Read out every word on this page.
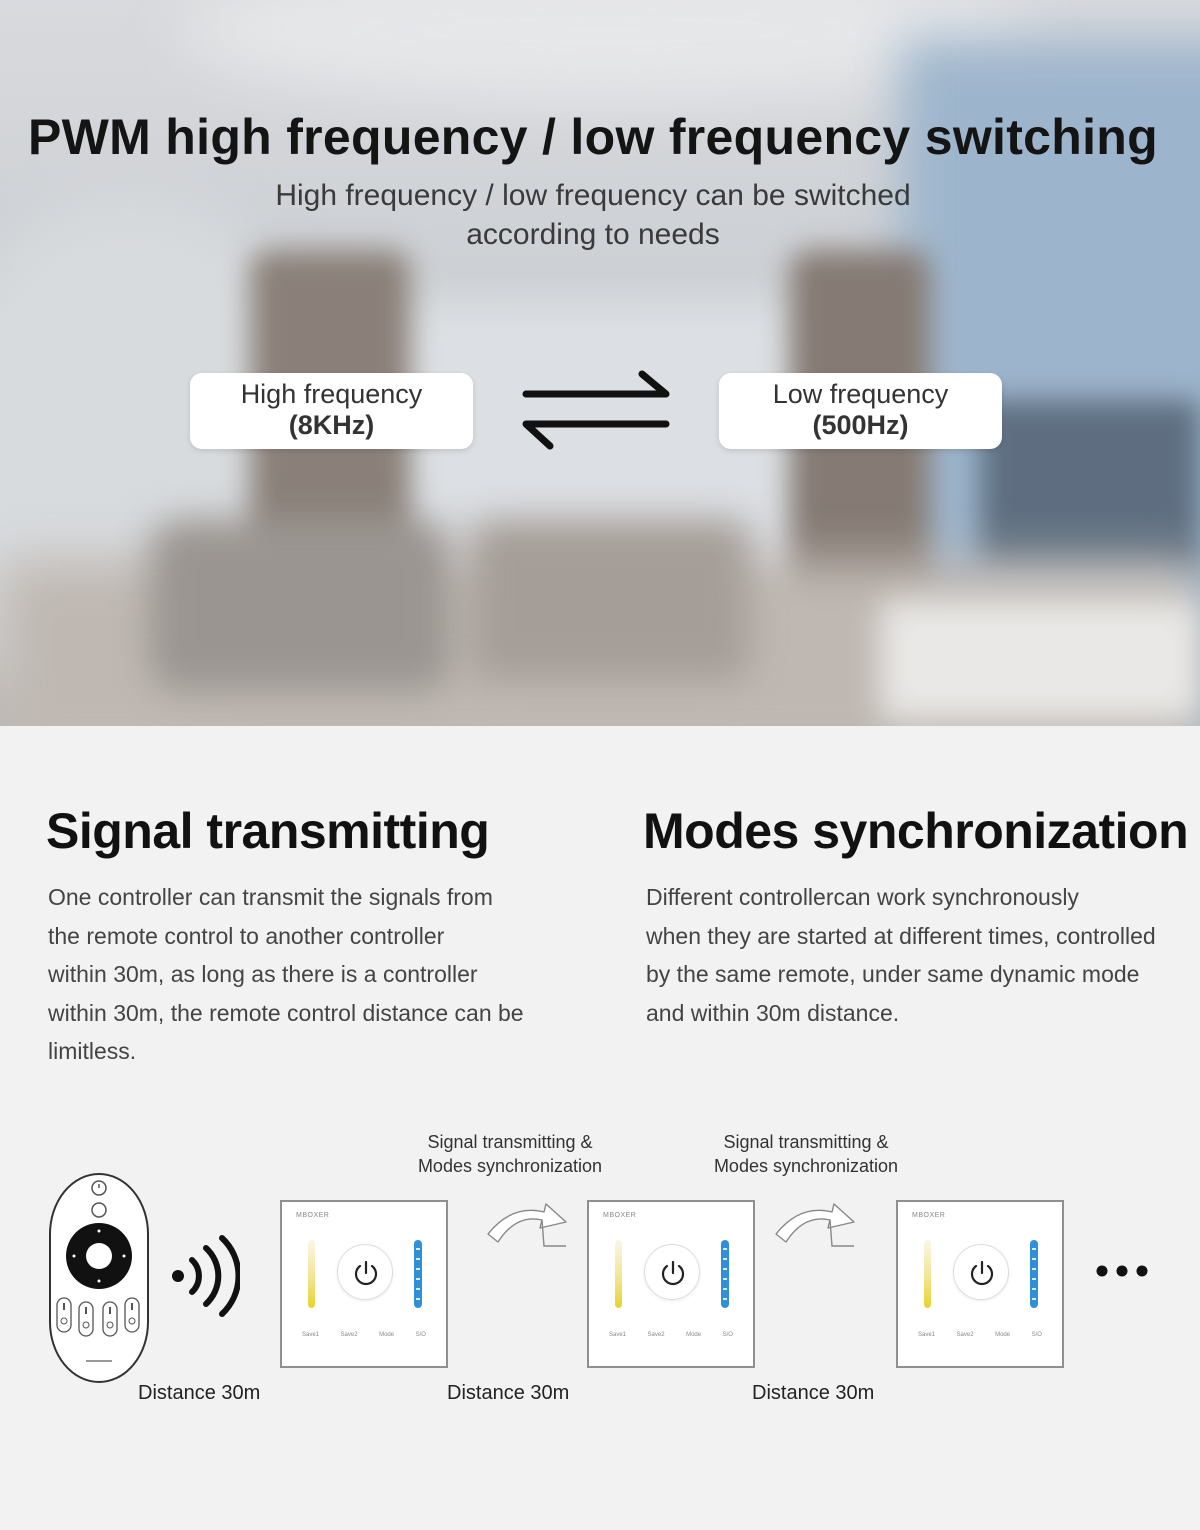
PWM high frequency / low frequency switching
High frequency / low frequency can be switched
according to needs
High frequency
(8KHz)
Low frequency
(500Hz)
Signal transmitting
One controller can transmit the signals from
the remote control to another controller
within 30m, as long as there is a controller
within 30m, the remote control distance can be
limitless.
Modes synchronization
Different controllercan work synchronously
when they are started at different times, controlled
by the same remote, under same dynamic mode
and within 30m distance.
Signal transmitting &
Modes synchronization
Signal transmitting &
Modes synchronization
MBOXER
Save1	Save2	Mode	S/O
MBOXER
Save1	Save2	Mode	S/O
MBOXER
Save1	Save2	Mode	S/O
Distance 30m	Distance 30m	Distance 30m
